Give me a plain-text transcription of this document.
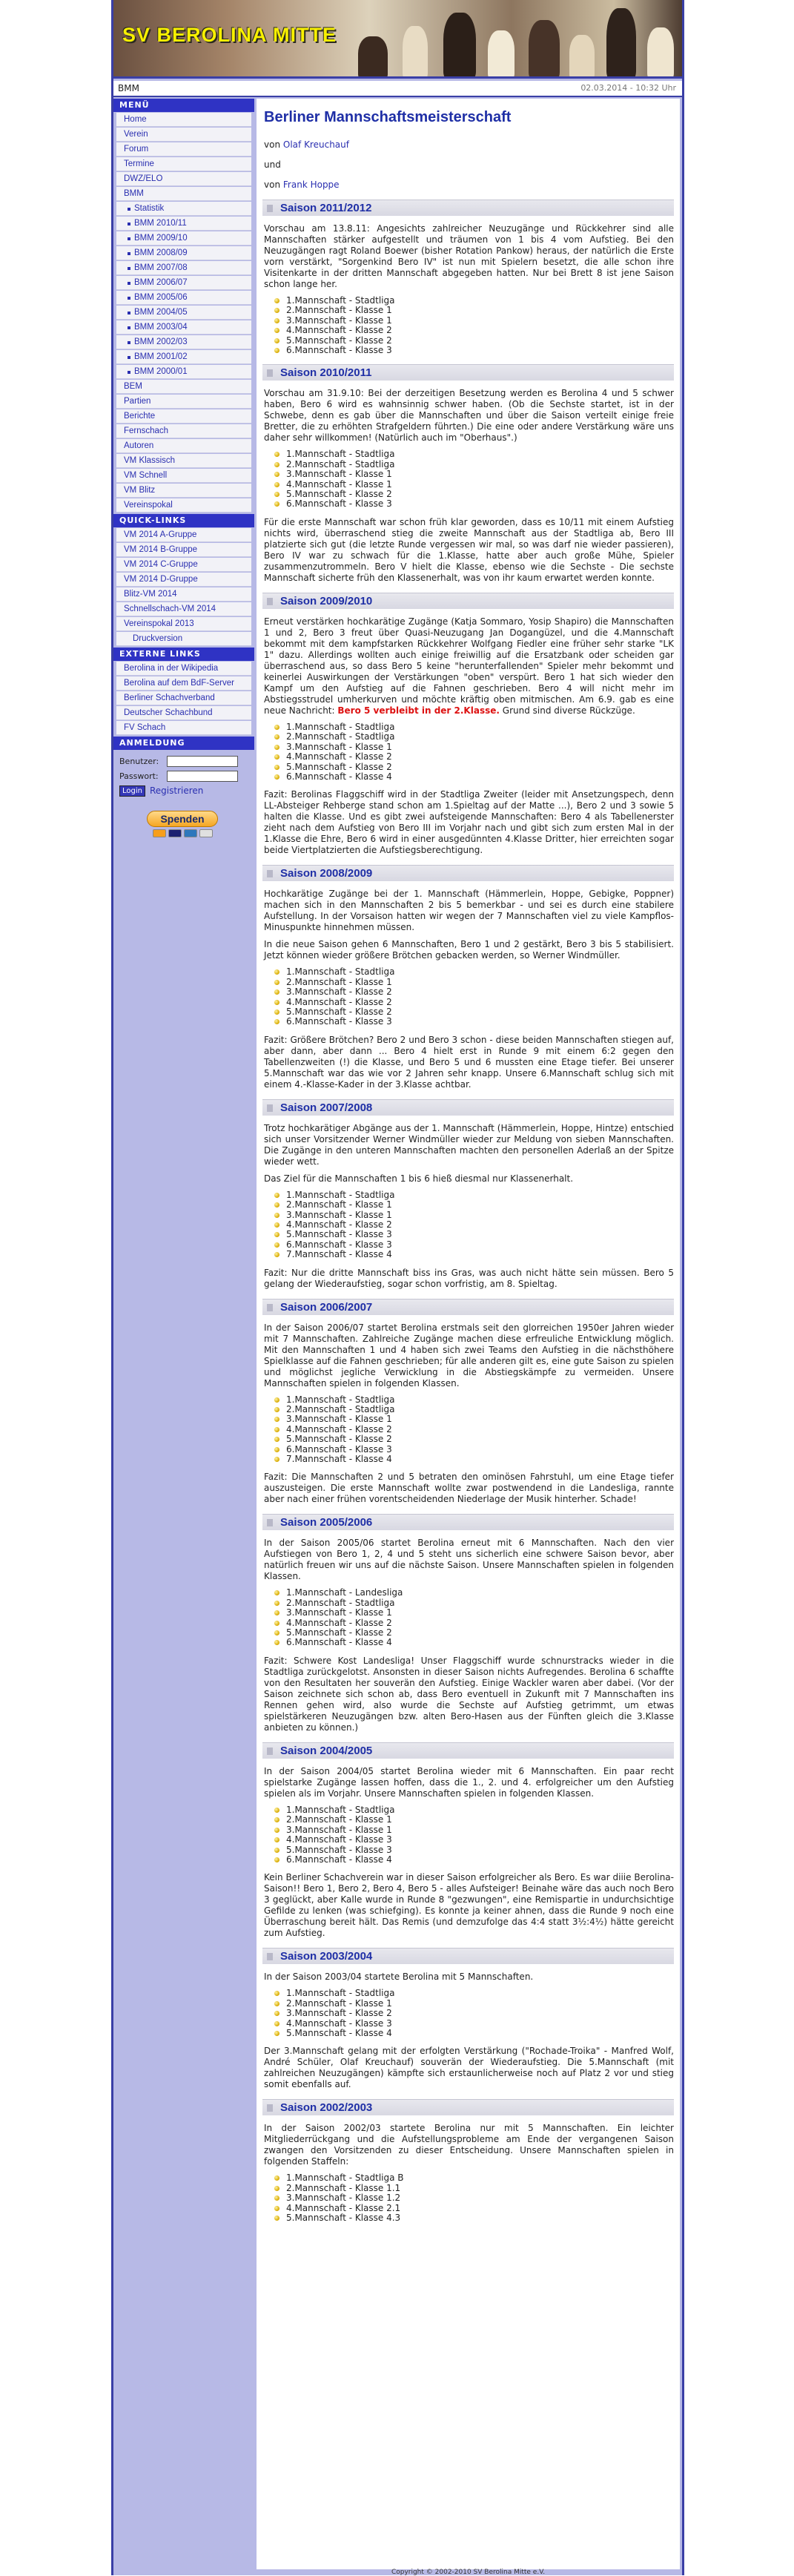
SV BEROLINA MITTE
BMM	02.03.2014 - 10:32 Uhr
MENÜ
Home
Verein
Forum
Termine
DWZ/ELO
BMM
Statistik
BMM 2010/11
BMM 2009/10
BMM 2008/09
BMM 2007/08
BMM 2006/07
BMM 2005/06
BMM 2004/05
BMM 2003/04
BMM 2002/03
BMM 2001/02
BMM 2000/01
BEM
Partien
Berichte
Fernschach
Autoren
VM Klassisch
VM Schnell
VM Blitz
Vereinspokal
QUICK-LINKS
VM 2014 A-Gruppe
VM 2014 B-Gruppe
VM 2014 C-Gruppe
VM 2014 D-Gruppe
Blitz-VM 2014
Schnellschach-VM 2014
Vereinspokal 2013
Druckversion
EXTERNE LINKS
Berolina in der Wikipedia
Berolina auf dem BdF-Server
Berliner Schachverband
Deutscher Schachbund
FV Schach
ANMELDUNG
Benutzer:
Passwort:
Login Registrieren
Spenden
Berliner Mannschaftsmeisterschaft
von Olaf Kreuchauf
und
von Frank Hoppe
Saison 2011/2012
Vorschau am 13.8.11: Angesichts zahlreicher Neuzugänge und Rückkehrer sind alle Mannschaften stärker aufgestellt und träumen von 1 bis 4 vom Aufstieg. Bei den Neuzugängen ragt Roland Boewer (bisher Rotation Pankow) heraus, der natürlich die Erste vorn verstärkt, "Sorgenkind Bero IV" ist nun mit Spielern besetzt, die alle schon ihre Visitenkarte in der dritten Mannschaft abgegeben hatten. Nur bei Brett 8 ist jene Saison schon lange her.
1.Mannschaft - Stadtliga
2.Mannschaft - Klasse 1
3.Mannschaft - Klasse 1
4.Mannschaft - Klasse 2
5.Mannschaft - Klasse 2
6.Mannschaft - Klasse 3
Saison 2010/2011
Vorschau am 31.9.10: Bei der derzeitigen Besetzung werden es Berolina 4 und 5 schwer haben, Bero 6 wird es wahnsinnig schwer haben. (Ob die Sechste startet, ist in der Schwebe, denn es gab über die Mannschaften und über die Saison verteilt einige freie Bretter, die zu erhöhten Strafgeldern führten.) Die eine oder andere Verstärkung wäre uns daher sehr willkommen! (Natürlich auch im "Oberhaus".)
1.Mannschaft - Stadtliga
2.Mannschaft - Stadtliga
3.Mannschaft - Klasse 1
4.Mannschaft - Klasse 1
5.Mannschaft - Klasse 2
6.Mannschaft - Klasse 3
Für die erste Mannschaft war schon früh klar geworden, dass es 10/11 mit einem Aufstieg nichts wird, überraschend stieg die zweite Mannschaft aus der Stadtliga ab, Bero III platzierte sich gut (die letzte Runde vergessen wir mal, so was darf nie wieder passieren), Bero IV war zu schwach für die 1.Klasse, hatte aber auch große Mühe, Spieler zusammenzutrommeln. Bero V hielt die Klasse, ebenso wie die Sechste - Die sechste Mannschaft sicherte früh den Klassenerhalt, was von ihr kaum erwartet werden konnte.
Saison 2009/2010
Erneut verstärken hochkarätige Zugänge (Katja Sommaro, Yosip Shapiro) die Mannschaften 1 und 2, Bero 3 freut über Quasi-Neuzugang Jan Dogangüzel, und die 4.Mannschaft bekommt mit dem kampfstarken Rückkehrer Wolfgang Fiedler eine früher sehr starke "LK 1" dazu. Allerdings wollten auch einige freiwillig auf die Ersatzbank oder scheiden gar überraschend aus, so dass Bero 5 keine "herunterfallenden" Spieler mehr bekommt und keinerlei Auswirkungen der Verstärkungen "oben" verspürt. Bero 1 hat sich wieder den Kampf um den Aufstieg auf die Fahnen geschrieben. Bero 4 will nicht mehr im Abstiegsstrudel umherkurven und möchte kräftig oben mitmischen. Am 6.9. gab es eine neue Nachricht: Bero 5 verbleibt in der 2.Klasse. Grund sind diverse Rückzüge.
1.Mannschaft - Stadtliga
2.Mannschaft - Stadtliga
3.Mannschaft - Klasse 1
4.Mannschaft - Klasse 2
5.Mannschaft - Klasse 2
6.Mannschaft - Klasse 4
Fazit: Berolinas Flaggschiff wird in der Stadtliga Zweiter (leider mit Ansetzungspech, denn LL-Absteiger Rehberge stand schon am 1.Spieltag auf der Matte ...), Bero 2 und 3 sowie 5 halten die Klasse. Und es gibt zwei aufsteigende Mannschaften: Bero 4 als Tabellenerster zieht nach dem Aufstieg von Bero III im Vorjahr nach und gibt sich zum ersten Mal in der 1.Klasse die Ehre, Bero 6 wird in einer ausgedünnten 4.Klasse Dritter, hier erreichten sogar beide Viertplatzierten die Aufstiegsberechtigung.
Saison 2008/2009
Hochkarätige Zugänge bei der 1. Mannschaft (Hämmerlein, Hoppe, Gebigke, Poppner) machen sich in den Mannschaften 2 bis 5 bemerkbar - und sei es durch eine stabilere Aufstellung. In der Vorsaison hatten wir wegen der 7 Mannschaften viel zu viele Kampflos-Minuspunkte hinnehmen müssen.
In die neue Saison gehen 6 Mannschaften, Bero 1 und 2 gestärkt, Bero 3 bis 5 stabilisiert. Jetzt können wieder größere Brötchen gebacken werden, so Werner Windmüller.
1.Mannschaft - Stadtliga
2.Mannschaft - Klasse 1
3.Mannschaft - Klasse 2
4.Mannschaft - Klasse 2
5.Mannschaft - Klasse 2
6.Mannschaft - Klasse 3
Fazit: Größere Brötchen? Bero 2 und Bero 3 schon - diese beiden Mannschaften stiegen auf, aber dann, aber dann ... Bero 4 hielt erst in Runde 9 mit einem 6:2 gegen den Tabellenzweiten (!) die Klasse, und Bero 5 und 6 mussten eine Etage tiefer. Bei unserer 5.Mannschaft war das wie vor 2 Jahren sehr knapp. Unsere 6.Mannschaft schlug sich mit einem 4.-Klasse-Kader in der 3.Klasse achtbar.
Saison 2007/2008
Trotz hochkarätiger Abgänge aus der 1. Mannschaft (Hämmerlein, Hoppe, Hintze) entschied sich unser Vorsitzender Werner Windmüller wieder zur Meldung von sieben Mannschaften. Die Zugänge in den unteren Mannschaften machten den personellen Aderlaß an der Spitze wieder wett.
Das Ziel für die Mannschaften 1 bis 6 hieß diesmal nur Klassenerhalt.
1.Mannschaft - Stadtliga
2.Mannschaft - Klasse 1
3.Mannschaft - Klasse 1
4.Mannschaft - Klasse 2
5.Mannschaft - Klasse 3
6.Mannschaft - Klasse 3
7.Mannschaft - Klasse 4
Fazit: Nur die dritte Mannschaft biss ins Gras, was auch nicht hätte sein müssen. Bero 5 gelang der Wiederaufstieg, sogar schon vorfristig, am 8. Spieltag.
Saison 2006/2007
In der Saison 2006/07 startet Berolina erstmals seit den glorreichen 1950er Jahren wieder mit 7 Mannschaften. Zahlreiche Zugänge machen diese erfreuliche Entwicklung möglich. Mit den Mannschaften 1 und 4 haben sich zwei Teams den Aufstieg in die nächsthöhere Spielklasse auf die Fahnen geschrieben; für alle anderen gilt es, eine gute Saison zu spielen und möglichst jegliche Verwicklung in die Abstiegskämpfe zu vermeiden. Unsere Mannschaften spielen in folgenden Klassen.
1.Mannschaft - Stadtliga
2.Mannschaft - Stadtliga
3.Mannschaft - Klasse 1
4.Mannschaft - Klasse 2
5.Mannschaft - Klasse 2
6.Mannschaft - Klasse 3
7.Mannschaft - Klasse 4
Fazit: Die Mannschaften 2 und 5 betraten den ominösen Fahrstuhl, um eine Etage tiefer auszusteigen. Die erste Mannschaft wollte zwar postwendend in die Landesliga, rannte aber nach einer frühen vorentscheidenden Niederlage der Musik hinterher. Schade!
Saison 2005/2006
In der Saison 2005/06 startet Berolina erneut mit 6 Mannschaften. Nach den vier Aufstiegen von Bero 1, 2, 4 und 5 steht uns sicherlich eine schwere Saison bevor, aber natürlich freuen wir uns auf die nächste Saison. Unsere Mannschaften spielen in folgenden Klassen.
1.Mannschaft - Landesliga
2.Mannschaft - Stadtliga
3.Mannschaft - Klasse 1
4.Mannschaft - Klasse 2
5.Mannschaft - Klasse 2
6.Mannschaft - Klasse 4
Fazit: Schwere Kost Landesliga! Unser Flaggschiff wurde schnurstracks wieder in die Stadtliga zurückgelotst. Ansonsten in dieser Saison nichts Aufregendes. Berolina 6 schaffte von den Resultaten her souverän den Aufstieg. Einige Wackler waren aber dabei. (Vor der Saison zeichnete sich schon ab, dass Bero eventuell in Zukunft mit 7 Mannschaften ins Rennen gehen wird, also wurde die Sechste auf Aufstieg getrimmt, um etwas spielstärkeren Neuzugängen bzw. alten Bero-Hasen aus der Fünften gleich die 3.Klasse anbieten zu können.)
Saison 2004/2005
In der Saison 2004/05 startet Berolina wieder mit 6 Mannschaften. Ein paar recht spielstarke Zugänge lassen hoffen, dass die 1., 2. und 4. erfolgreicher um den Aufstieg spielen als im Vorjahr. Unsere Mannschaften spielen in folgenden Klassen.
1.Mannschaft - Stadtliga
2.Mannschaft - Klasse 1
3.Mannschaft - Klasse 1
4.Mannschaft - Klasse 3
5.Mannschaft - Klasse 3
6.Mannschaft - Klasse 4
Kein Berliner Schachverein war in dieser Saison erfolgreicher als Bero. Es war diiie Berolina-Saison!! Bero 1, Bero 2, Bero 4, Bero 5 - alles Aufsteiger! Beinahe wäre das auch noch Bero 3 geglückt, aber Kalle wurde in Runde 8 "gezwungen", eine Remispartie in undurchsichtige Gefilde zu lenken (was schiefging). Es konnte ja keiner ahnen, dass die Runde 9 noch eine Überraschung bereit hält. Das Remis (und demzufolge das 4:4 statt 3½:4½) hätte gereicht zum Aufstieg.
Saison 2003/2004
In der Saison 2003/04 startete Berolina mit 5 Mannschaften.
1.Mannschaft - Stadtliga
2.Mannschaft - Klasse 1
3.Mannschaft - Klasse 2
4.Mannschaft - Klasse 3
5.Mannschaft - Klasse 4
Der 3.Mannschaft gelang mit der erfolgten Verstärkung ("Rochade-Troika" - Manfred Wolf, André Schüler, Olaf Kreuchauf) souverän der Wiederaufstieg. Die 5.Mannschaft (mit zahlreichen Neuzugängen) kämpfte sich erstaunlicherweise noch auf Platz 2 vor und stieg somit ebenfalls auf.
Saison 2002/2003
In der Saison 2002/03 startete Berolina nur mit 5 Mannschaften. Ein leichter Mitgliederrückgang und die Aufstellungsprobleme am Ende der vergangenen Saison zwangen den Vorsitzenden zu dieser Entscheidung. Unsere Mannschaften spielen in folgenden Staffeln:
1.Mannschaft - Stadtliga B
2.Mannschaft - Klasse 1.1
3.Mannschaft - Klasse 1.2
4.Mannschaft - Klasse 2.1
5.Mannschaft - Klasse 4.3
Copyright © 2002-2010 SV Berolina Mitte e.V.
